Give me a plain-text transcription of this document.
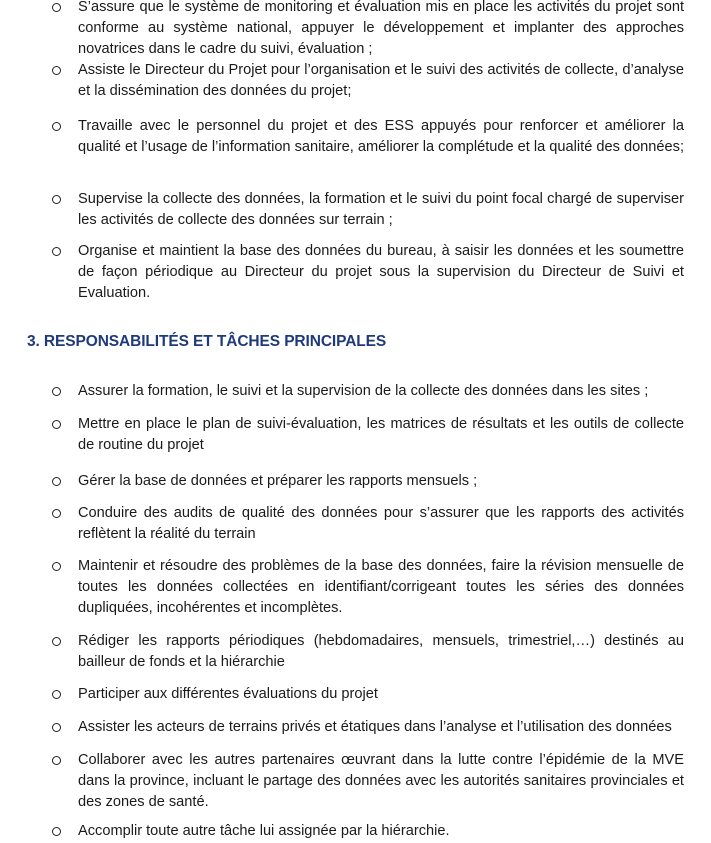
S’assure que le système de monitoring et évaluation mis en place les activités du projet sont conforme au système national, appuyer le développement et implanter des approches novatrices dans le cadre du suivi, évaluation ;
Assiste le Directeur du Projet pour l’organisation et le suivi des activités de collecte, d’analyse et la dissémination des données du projet;
Travaille avec le personnel du projet et des ESS appuyés pour renforcer et améliorer la qualité et l’usage de l’information sanitaire, améliorer la complétude et la qualité des données;
Supervise la collecte des données, la formation et le suivi du point focal chargé de superviser les activités de collecte des données sur terrain ;
Organise et maintient la base des données du bureau, à saisir les données et les soumettre de façon périodique au Directeur du projet sous la supervision du Directeur de Suivi et Evaluation.
3. RESPONSABILITÉS ET TÂCHES PRINCIPALES
Assurer la formation, le suivi et la supervision de la collecte des données dans les sites ;
Mettre en place le plan de suivi-évaluation, les matrices de résultats et les outils de collecte de routine du projet
Gérer la base de données et préparer les rapports mensuels ;
Conduire des audits de qualité des données pour s’assurer que les rapports des activités reflètent la réalité du terrain
Maintenir et résoudre des problèmes de la base des données, faire la révision mensuelle de toutes les données collectées en identifiant/corrigeant toutes les séries des données dupliquées, incohérentes et incomplètes.
Rédiger les rapports périodiques (hebdomadaires, mensuels, trimestriel,…) destinés au bailleur de fonds et la hiérarchie
Participer aux différentes évaluations du projet
Assister les acteurs de terrains privés et étatiques dans l’analyse et l’utilisation des données
Collaborer avec les autres partenaires œuvrant dans la lutte contre l’épidémie de la MVE dans la province, incluant le partage des données avec les autorités sanitaires provinciales et des zones de santé.
Accomplir toute autre tâche lui assignée par la hiérarchie.
